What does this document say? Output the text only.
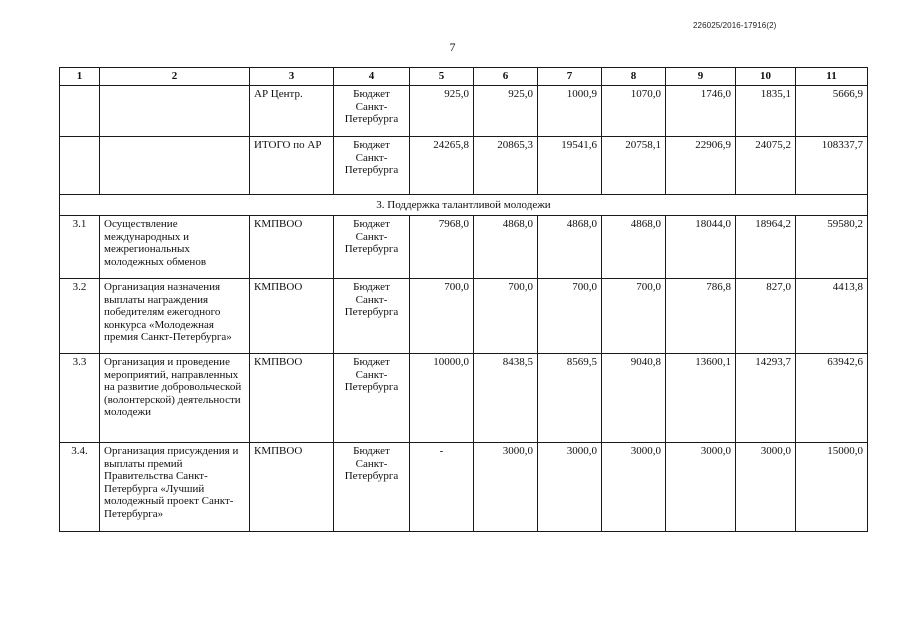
226025/2016-17916(2)
7
1	2	3	4	5	6	7	8	9	10	11
		АР Центр.	Бюджет Санкт-Петербурга	925,0	925,0	1000,9	1070,0	1746,0	1835,1	5666,9
		ИТОГО по АР	Бюджет Санкт-Петербурга	24265,8	20865,3	19541,6	20758,1	22906,9	24075,2	108337,7
3. Поддержка талантливой молодежи										
3.1	Осуществление международных и межрегиональных молодежных обменов	КМПВОО	Бюджет Санкт-Петербурга	7968,0	4868,0	4868,0	4868,0	18044,0	18964,2	59580,2
3.2	Организация назначения выплаты награждения победителям ежегодного конкурса «Молодежная премия Санкт-Петербурга»	КМПВОО	Бюджет Санкт-Петербурга	700,0	700,0	700,0	700,0	786,8	827,0	4413,8
3.3	Организация и проведение мероприятий, направленных на развитие добровольческой (волонтерской) деятельности молодежи	КМПВОО	Бюджет Санкт-Петербурга	10000,0	8438,5	8569,5	9040,8	13600,1	14293,7	63942,6
3.4.	Организация присуждения и выплаты премий Правительства Санкт-Петербурга «Лучший молодежный проект Санкт-Петербурга»	КМПВОО	Бюджет Санкт-Петербурга	-	3000,0	3000,0	3000,0	3000,0	3000,0	15000,0
